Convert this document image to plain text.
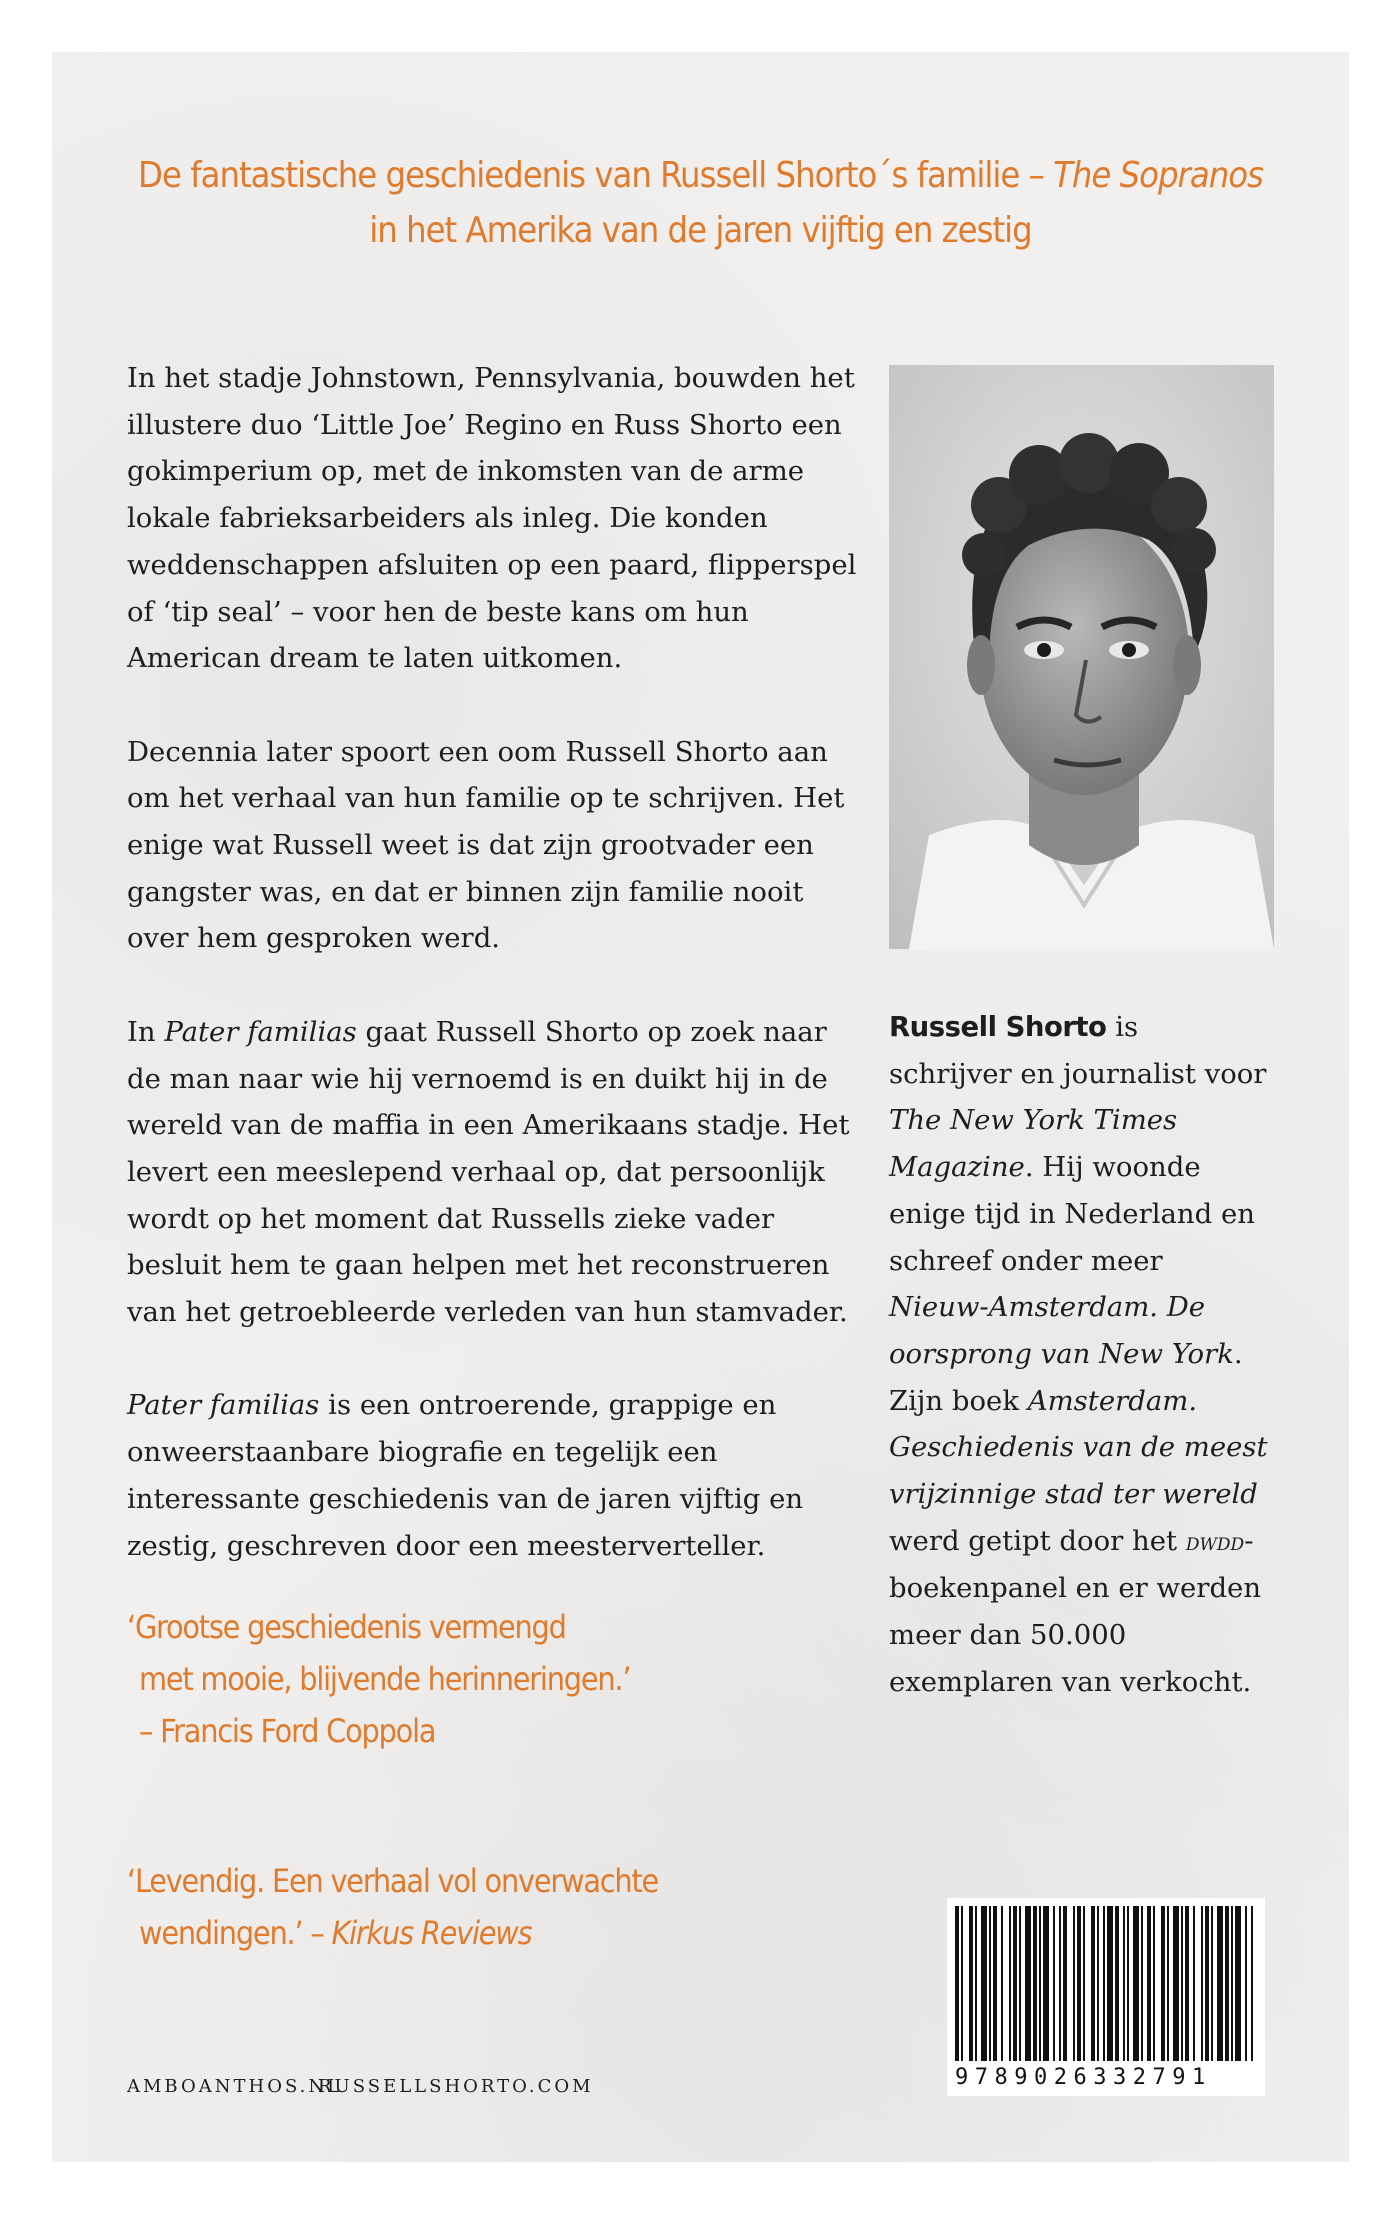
De fantastische geschiedenis van Russell Shorto´s familie – The Sopranos
in het Amerika van de jaren vijftig en zestig

In het stadje Johnstown, Pennsylvania, bouwden het illustere duo ‘Little Joe’ Regino en Russ Shorto een gokimperium op, met de inkomsten van de arme lokale fabrieksarbeiders als inleg. Die konden weddenschappen afsluiten op een paard, flipperspel of ‘tip seal’ – voor hen de beste kans om hun American dream te laten uitkomen.

Decennia later spoort een oom Russell Shorto aan om het verhaal van hun familie op te schrijven. Het enige wat Russell weet is dat zijn grootvader een gangster was, en dat er binnen zijn familie nooit over hem gesproken werd.

In Pater familias gaat Russell Shorto op zoek naar de man naar wie hij vernoemd is en duikt hij in de wereld van de maffia in een Amerikaans stadje. Het levert een meeslepend verhaal op, dat persoonlijk wordt op het moment dat Russells zieke vader besluit hem te gaan helpen met het reconstrueren van het getroebleerde verleden van hun stamvader.

Pater familias is een ontroerende, grappige en onweerstaanbare biografie en tegelijk een interessante geschiedenis van de jaren vijftig en zestig, geschreven door een meesterverteller.

Russell Shorto is schrijver en journalist voor The New York Times Magazine. Hij woonde enige tijd in Nederland en schreef onder meer Nieuw-Amsterdam. De oorsprong van New York. Zijn boek Amsterdam. Geschiedenis van de meest vrijzinnige stad ter wereld werd getipt door het dwdd-boekenpanel en er werden meer dan 50.000 exemplaren van verkocht.
‘Grootse geschiedenis vermengd
met mooie, blijvende herinneringen.’
– Francis Ford Coppola
‘Levendig. Een verhaal vol onverwachte
wendingen.’ – Kirkus Reviews
AMBOANTHOS.NL
RUSSELLSHORTO.COM	9789026332791
